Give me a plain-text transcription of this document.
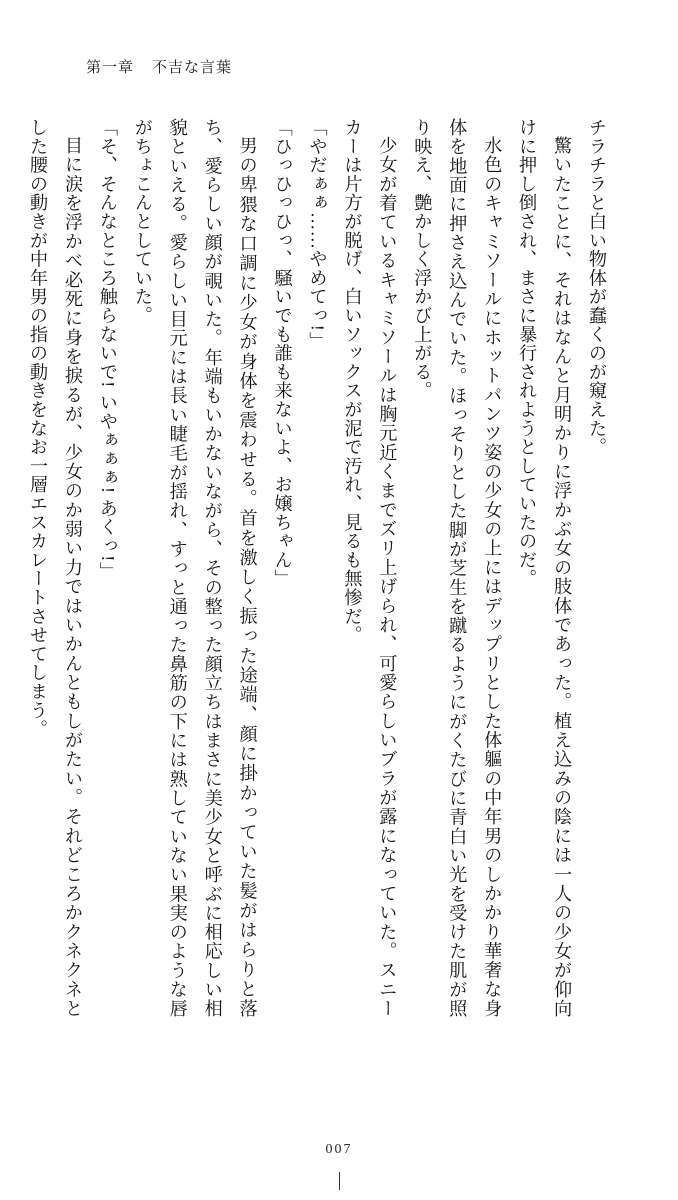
第一章 不吉な言葉

チラチラと白い物体が蠢くのが窺えた。

驚いたことに、それはなんと月明かりに浮かぶ女の肢体であった。植え込みの陰には一人の少女が仰向けに押し倒され、まさに暴行されようとしていたのだ。

水色のキャミソールにホットパンツ姿の少女の上にはデップリとした体軀の中年男のしかかり華奢な身体を地面に押さえ込んでいた。ほっそりとした脚が芝生を蹴るようにがくたびに青白い光を受けた肌が照り映え、艶かしく浮かび上がる。

少女が着ているキャミソールは胸元近くまでズリ上げられ、可愛らしいブラが露になっていた。スニーカーは片方が脱げ、白いソックスが泥で汚れ、見るも無惨だ。

「やだぁぁ……やめてっ!」

「ひっひっひっ、騒いでも誰も来ないよ、お嬢ちゃん」

男の卑猥な口調に少女が身体を震わせる。首を激しく振った途端、顔に掛かっていた髪がはらりと落ち、愛らしい顔が覗いた。年端もいかないながら、その整った顔立ちはまさに美少女と呼ぶに相応しい相貌といえる。愛らしい目元には長い睫毛が揺れ、すっと通った鼻筋の下には熟していない果実のような唇がちょこんとしていた。

「そ、そんなところ触らないで! いやぁぁぁ! あくっ!」

目に涙を浮かべ必死に身を捩るが、少女のか弱い力ではいかんともしがたい。それどころかクネクネとした腰の動きが中年男の指の動きをなお一層エスカレートさせてしまう。

007
